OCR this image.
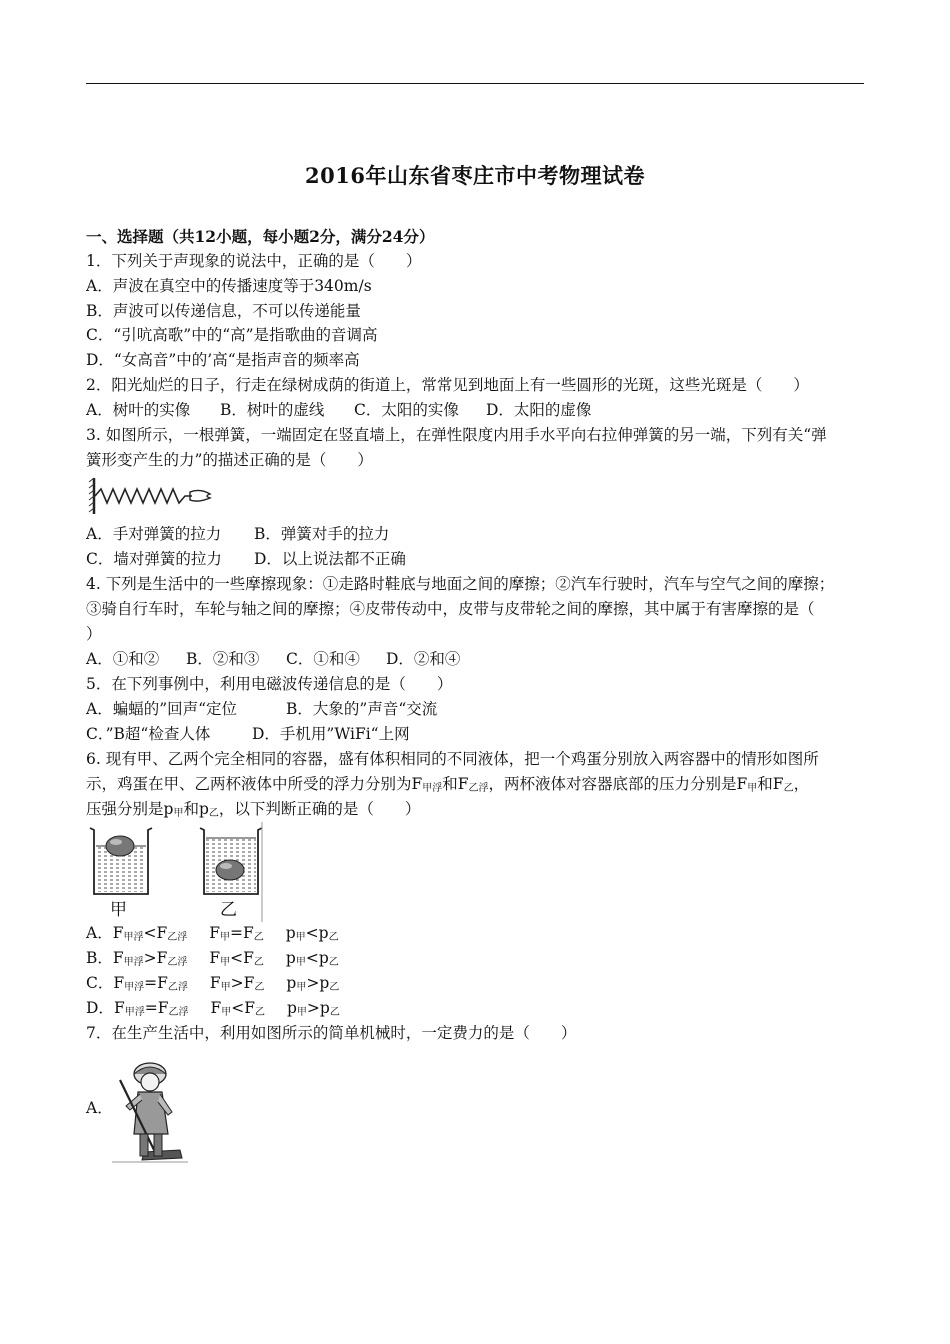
2016年山东省枣庄市中考物理试卷
一、选择题（共12小题，每小题2分，满分24分）
1．下列关于声现象的说法中，正确的是（　　）
A．声波在真空中的传播速度等于340m/s
B．声波可以传递信息，不可以传递能量
C．“引吭高歌”中的“高”是指歌曲的音调高
D．“女高音”中的’高“是指声音的频率高
2．阳光灿烂的日子，行走在绿树成荫的街道上，常常见到地面上有一些圆形的光斑，这些光斑是（　　）
A．树叶的实像 B．树叶的虚线 C．太阳的实像 D．太阳的虚像
3. 如图所示，一根弹簧，一端固定在竖直墙上，在弹性限度内用手水平向右拉伸弹簧的另一端，下列有关“弹
簧形变产生的力”的描述正确的是（　　）
A．手对弹簧的拉力 B．弹簧对手的拉力
C．墙对弹簧的拉力 D．以上说法都不正确
4. 下列是生活中的一些摩擦现象：①走路时鞋底与地面之间的摩擦；②汽车行驶时，汽车与空气之间的摩擦；
③骑自行车时，车轮与轴之间的摩擦；④皮带传动中，皮带与皮带轮之间的摩擦，其中属于有害摩擦的是（
）
A．①和② B．②和③ C．①和④ D．②和④
5．在下列事例中，利用电磁波传递信息的是（　　）
A．蝙蝠的”回声“定位	B．大象的”声音“交流
C．”B超“检查人体	D．手机用”WiFi“上网
6. 现有甲、乙两个完全相同的容器，盛有体积相同的不同液体，把一个鸡蛋分别放入两容器中的情形如图所
示，鸡蛋在甲、乙两杯液体中所受的浮力分别为$F_{甲浮}$和$F_{乙浮}$，两杯液体对容器底部的压力分别是$F_甲$和$F_乙$，
压强分别是$p_甲$和$p_乙$，以下判断正确的是（　　）
甲	乙
A．$F_{甲浮}<F_{乙浮}$ $F_甲=F_乙$ $p_甲<p_乙$
B．$F_{甲浮}>F_{乙浮}$ $F_甲<F_乙$ $p_甲<p_乙$
C．$F_{甲浮}=F_{乙浮}$ $F_甲>F_乙$ $p_甲>p_乙$
D．$F_{甲浮}=F_{乙浮}$ $F_甲<F_乙$ $p_甲>p_乙$
7．在生产生活中，利用如图所示的简单机械时，一定费力的是（　　）
A．
